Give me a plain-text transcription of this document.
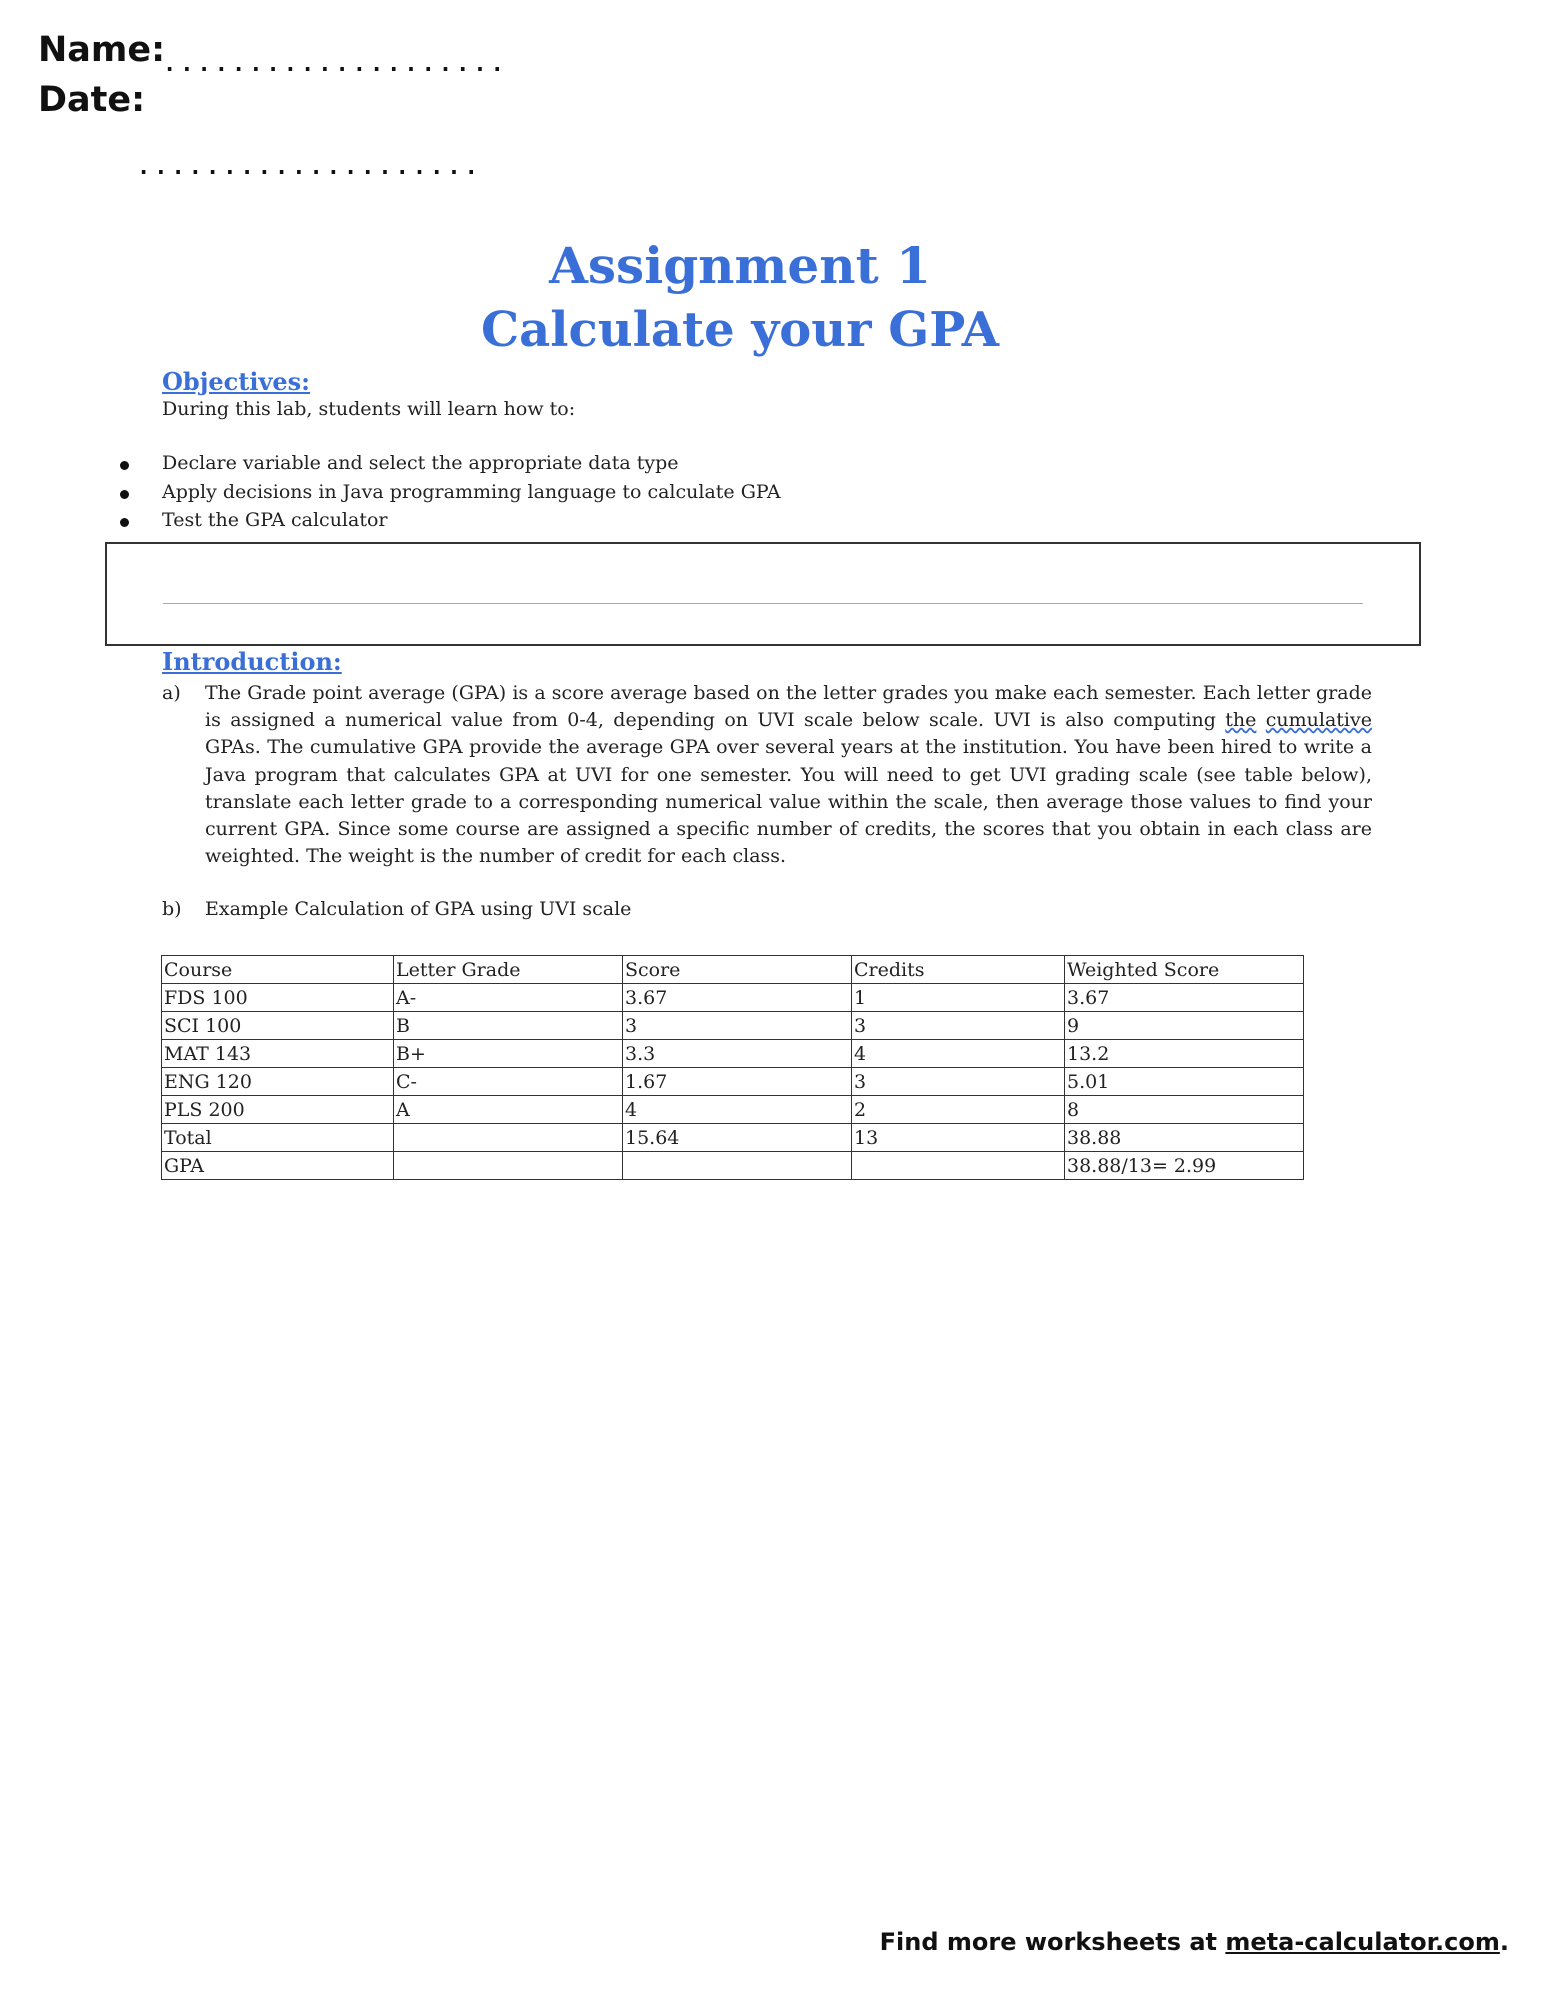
Name:
....................
Date:
....................
Assignment 1
Calculate your GPA
Objectives:
During this lab, students will learn how to:
Declare variable and select the appropriate data type
Apply decisions in Java programming language to calculate GPA
Test the GPA calculator
Introduction:
a) The Grade point average (GPA) is a score average based on the letter grades you make each semester. Each letter grade is assigned a numerical value from 0-4, depending on UVI scale below scale. UVI is also computing the cumulative GPAs. The cumulative GPA provide the average GPA over several years at the institution. You have been hired to write a Java program that calculates GPA at UVI for one semester. You will need to get UVI grading scale (see table below), translate each letter grade to a corresponding numerical value within the scale, then average those values to find your current GPA. Since some course are assigned a specific number of credits, the scores that you obtain in each class are weighted. The weight is the number of credit for each class.
b) Example Calculation of GPA using UVI scale
Course	Letter Grade	Score	Credits	Weighted Score
FDS 100	A-	3.67	1	3.67
SCI 100	B	3	3	9
MAT 143	B+	3.3	4	13.2
ENG 120	C-	1.67	3	5.01
PLS 200	A	4	2	8
Total		15.64	13	38.88
GPA				38.88/13= 2.99
Find more worksheets at meta-calculator.com.
